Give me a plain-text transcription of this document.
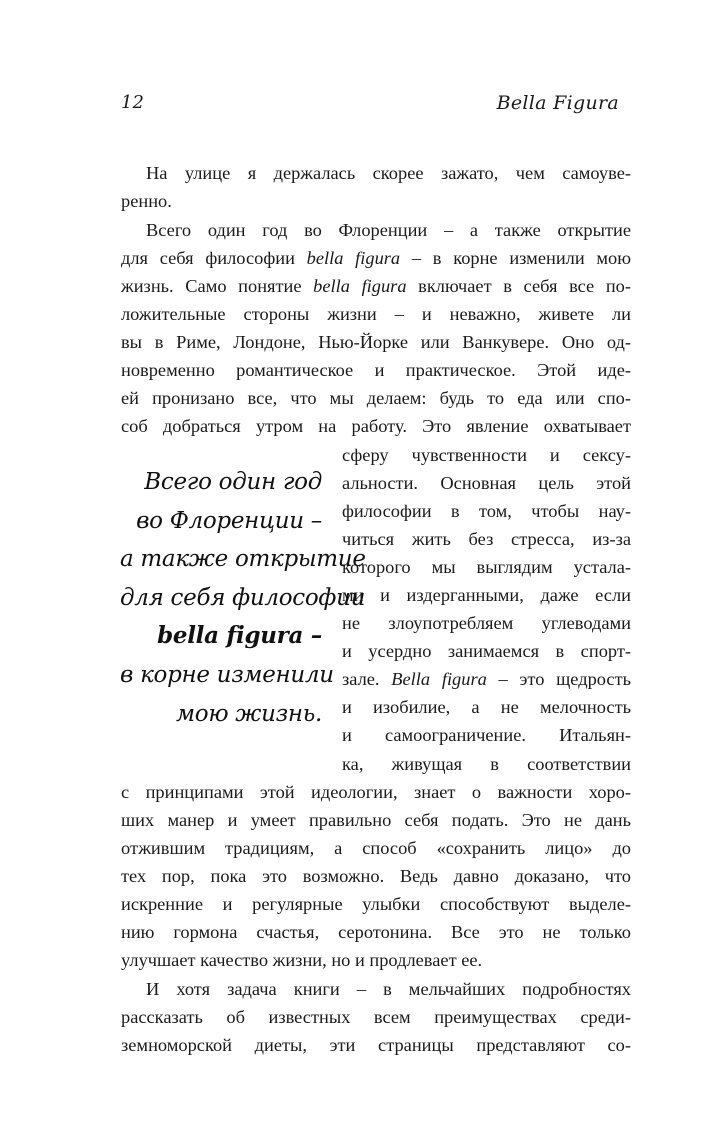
12	Bella Figura
На улице я держалась скорее зажато, чем самоуве-
ренно.
Всего один год во Флоренции – а также открытие
для себя философии bella figura – в корне изменили мою
жизнь. Само понятие bella figura включает в себя все по-
ложительные стороны жизни – и неважно, живете ли
вы в Риме, Лондоне, Нью-Йорке или Ванкувере. Оно од-
новременно романтическое и практическое. Этой иде-
ей пронизано все, что мы делаем: будь то еда или спо-
соб добраться утром на работу. Это явление охватывает
сферу чувственности и сексу-
альности. Основная цель этой
философии в том, чтобы нау-
читься жить без стресса, из-за
которого мы выглядим устала-
ми и издерганными, даже если
не злоупотребляем углеводами
и усердно занимаемся в спорт-
зале. Bella figura – это щедрость
и изобилие, а не мелочность
и самоограничение. Итальян-
ка, живущая в соответствии
с принципами этой идеологии, знает о важности хоро-
ших манер и умеет правильно себя подать. Это не дань
отжившим традициям, а способ «сохранить лицо» до
тех пор, пока это возможно. Ведь давно доказано, что
искренние и регулярные улыбки способствуют выделе-
нию гормона счастья, серотонина. Все это не только
улучшает качество жизни, но и продлевает ее.
И хотя задача книги – в мельчайших подробностях
рассказать об известных всем преимуществах среди-
земноморской диеты, эти страницы представляют со-
Всего один год
во Флоренции –
а также открытие
для себя философии
bella figura –
в корне изменили
мою жизнь.
